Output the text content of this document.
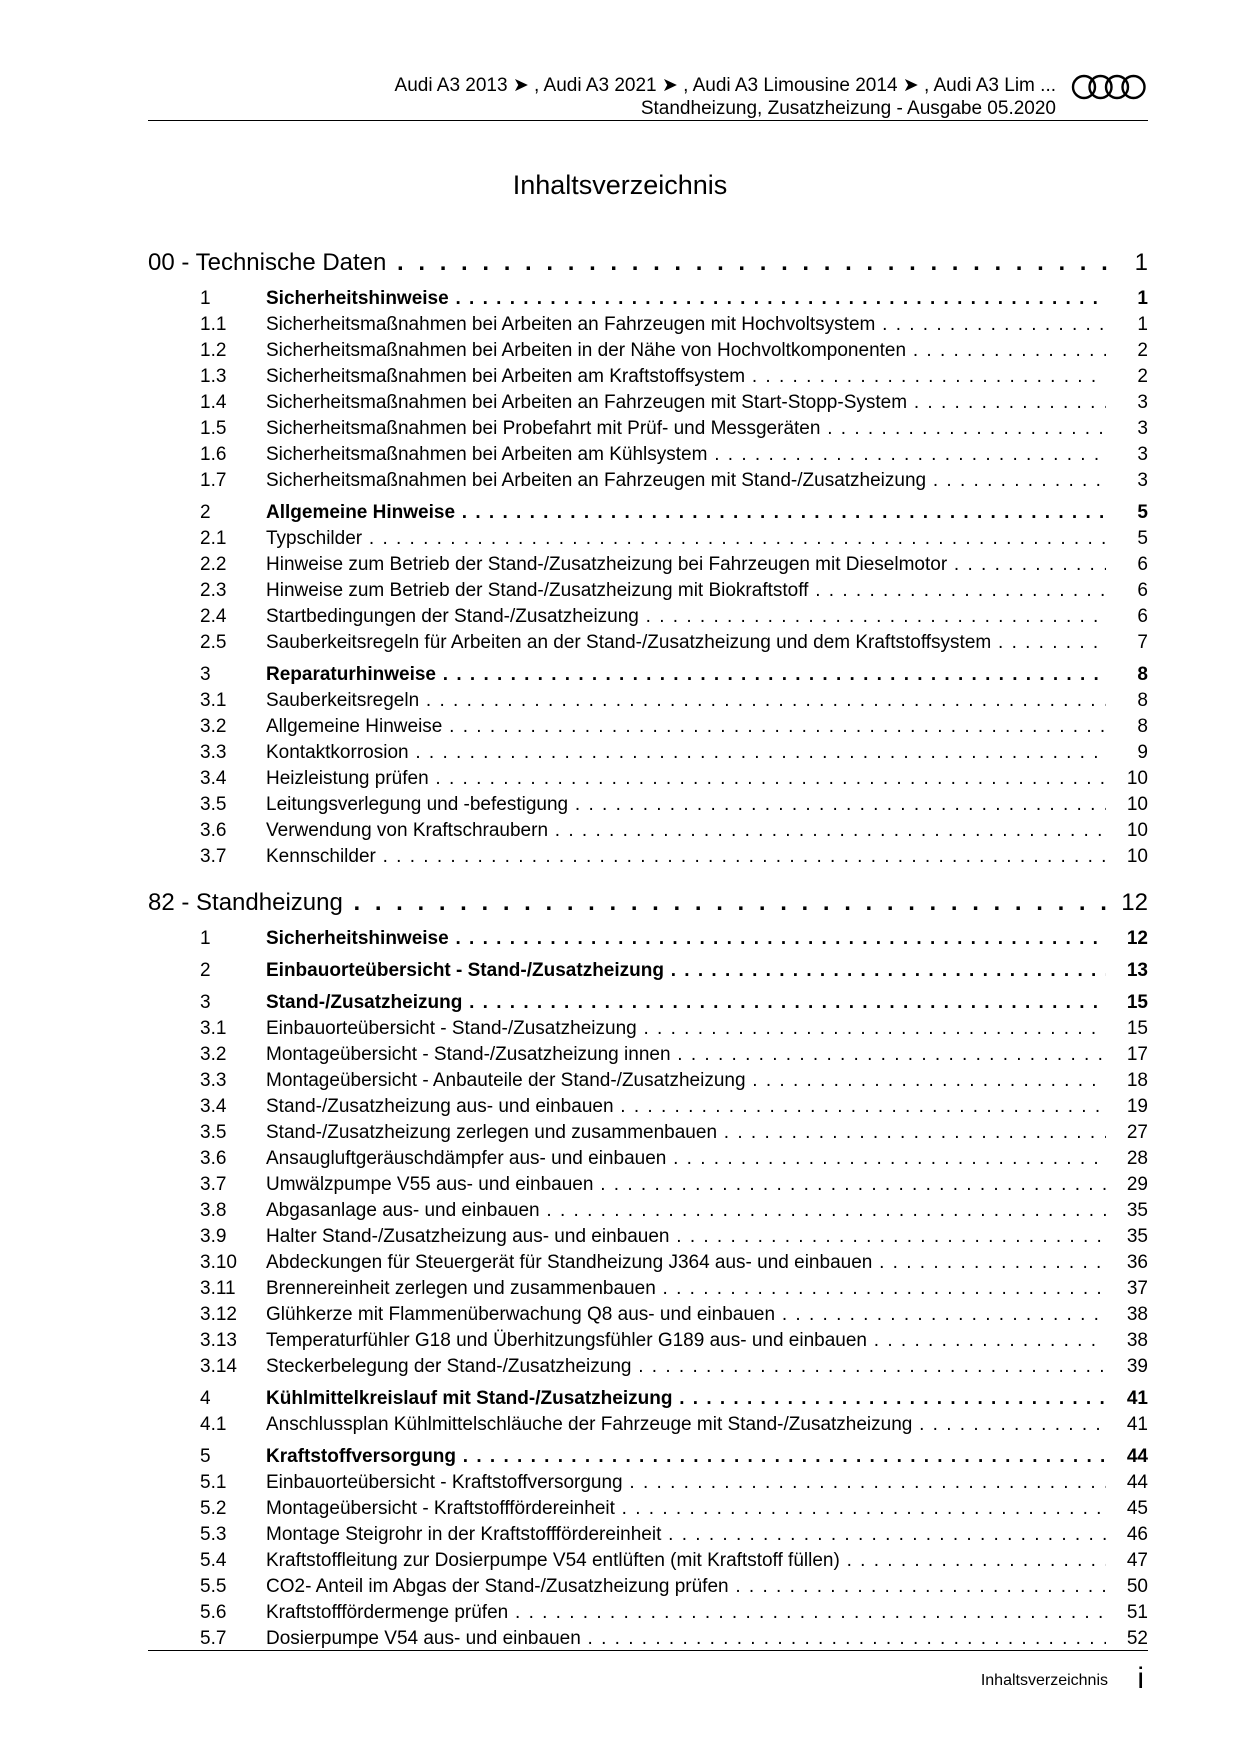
Audi A3 2013 ➤ , Audi A3 2021 ➤ , Audi A3 Limousine 2014 ➤ , Audi A3 Lim ...
Standheizung, Zusatzheizung - Ausgabe 05.2020
Inhaltsverzeichnis
00 - Technische Daten . . .	1
1	Sicherheitshinweise . . .	1
1.1 Sicherheitsmaßnahmen bei Arbeiten an Fahrzeugen mit Hochvoltsystem . . .	1
1.2 Sicherheitsmaßnahmen bei Arbeiten in der Nähe von Hochvoltkomponenten . . .	2
1.3 Sicherheitsmaßnahmen bei Arbeiten am Kraftstoffsystem . . .	2
1.4 Sicherheitsmaßnahmen bei Arbeiten an Fahrzeugen mit Start-Stopp-System . . .	3
1.5 Sicherheitsmaßnahmen bei Probefahrt mit Prüf- und Messgeräten . . .	3
1.6 Sicherheitsmaßnahmen bei Arbeiten am Kühlsystem . . .	3
1.7 Sicherheitsmaßnahmen bei Arbeiten an Fahrzeugen mit Stand-/Zusatzheizung . . .	3
2	Allgemeine Hinweise . . .	5
2.1 Typschilder . . .	5
2.2 Hinweise zum Betrieb der Stand-/Zusatzheizung bei Fahrzeugen mit Dieselmotor . . .	6
2.3 Hinweise zum Betrieb der Stand-/Zusatzheizung mit Biokraftstoff . . .	6
2.4 Startbedingungen der Stand-/Zusatzheizung . . .	6
2.5 Sauberkeitsregeln für Arbeiten an der Stand-/Zusatzheizung und dem Kraftstoffsystem . . .	7
3	Reparaturhinweise . . .	8
3.1 Sauberkeitsregeln . . .	8
3.2 Allgemeine Hinweise . . .	8
3.3 Kontaktkorrosion . . .	9
3.4 Heizleistung prüfen . . .	10
3.5 Leitungsverlegung und -befestigung . . .	10
3.6 Verwendung von Kraftschraubern . . .	10
3.7 Kennschilder . . .	10
82 - Standheizung . . .	12
1	Sicherheitshinweise . . .	12
2	Einbauorteübersicht - Stand-/Zusatzheizung . . .	13
3	Stand-/Zusatzheizung . . .	15
3.1 Einbauorteübersicht - Stand-/Zusatzheizung . . .	15
3.2 Montageübersicht - Stand-/Zusatzheizung innen . . .	17
3.3 Montageübersicht - Anbauteile der Stand-/Zusatzheizung . . .	18
3.4 Stand-/Zusatzheizung aus- und einbauen . . .	19
3.5 Stand-/Zusatzheizung zerlegen und zusammenbauen . . .	27
3.6 Ansaugluftgeräuschdämpfer aus- und einbauen . . .	28
3.7 Umwälzpumpe V55 aus- und einbauen . . .	29
3.8 Abgasanlage aus- und einbauen . . .	35
3.9 Halter Stand-/Zusatzheizung aus- und einbauen . . .	35
3.10 Abdeckungen für Steuergerät für Standheizung J364 aus- und einbauen . . .	36
3.11 Brennereinheit zerlegen und zusammenbauen . . .	37
3.12 Glühkerze mit Flammenüberwachung Q8 aus- und einbauen . . .	38
3.13 Temperaturfühler G18 und Überhitzungsfühler G189 aus- und einbauen . . .	38
3.14 Steckerbelegung der Stand-/Zusatzheizung . . .	39
4	Kühlmittelkreislauf mit Stand-/Zusatzheizung . . .	41
4.1 Anschlussplan Kühlmittelschläuche der Fahrzeuge mit Stand-/Zusatzheizung . . .	41
5	Kraftstoffversorgung . . .	44
5.1 Einbauorteübersicht - Kraftstoffversorgung . . .	44
5.2 Montageübersicht - Kraftstofffördereinheit . . .	45
5.3 Montage Steigrohr in der Kraftstofffördereinheit . . .	46
5.4 Kraftstoffleitung zur Dosierpumpe V54 entlüften (mit Kraftstoff füllen) . . .	47
5.5 CO2- Anteil im Abgas der Stand-/Zusatzheizung prüfen . . .	50
5.6 Kraftstofffördermenge prüfen . . .	51
5.7 Dosierpumpe V54 aus- und einbauen . . .	52
Inhaltsverzeichnis i
